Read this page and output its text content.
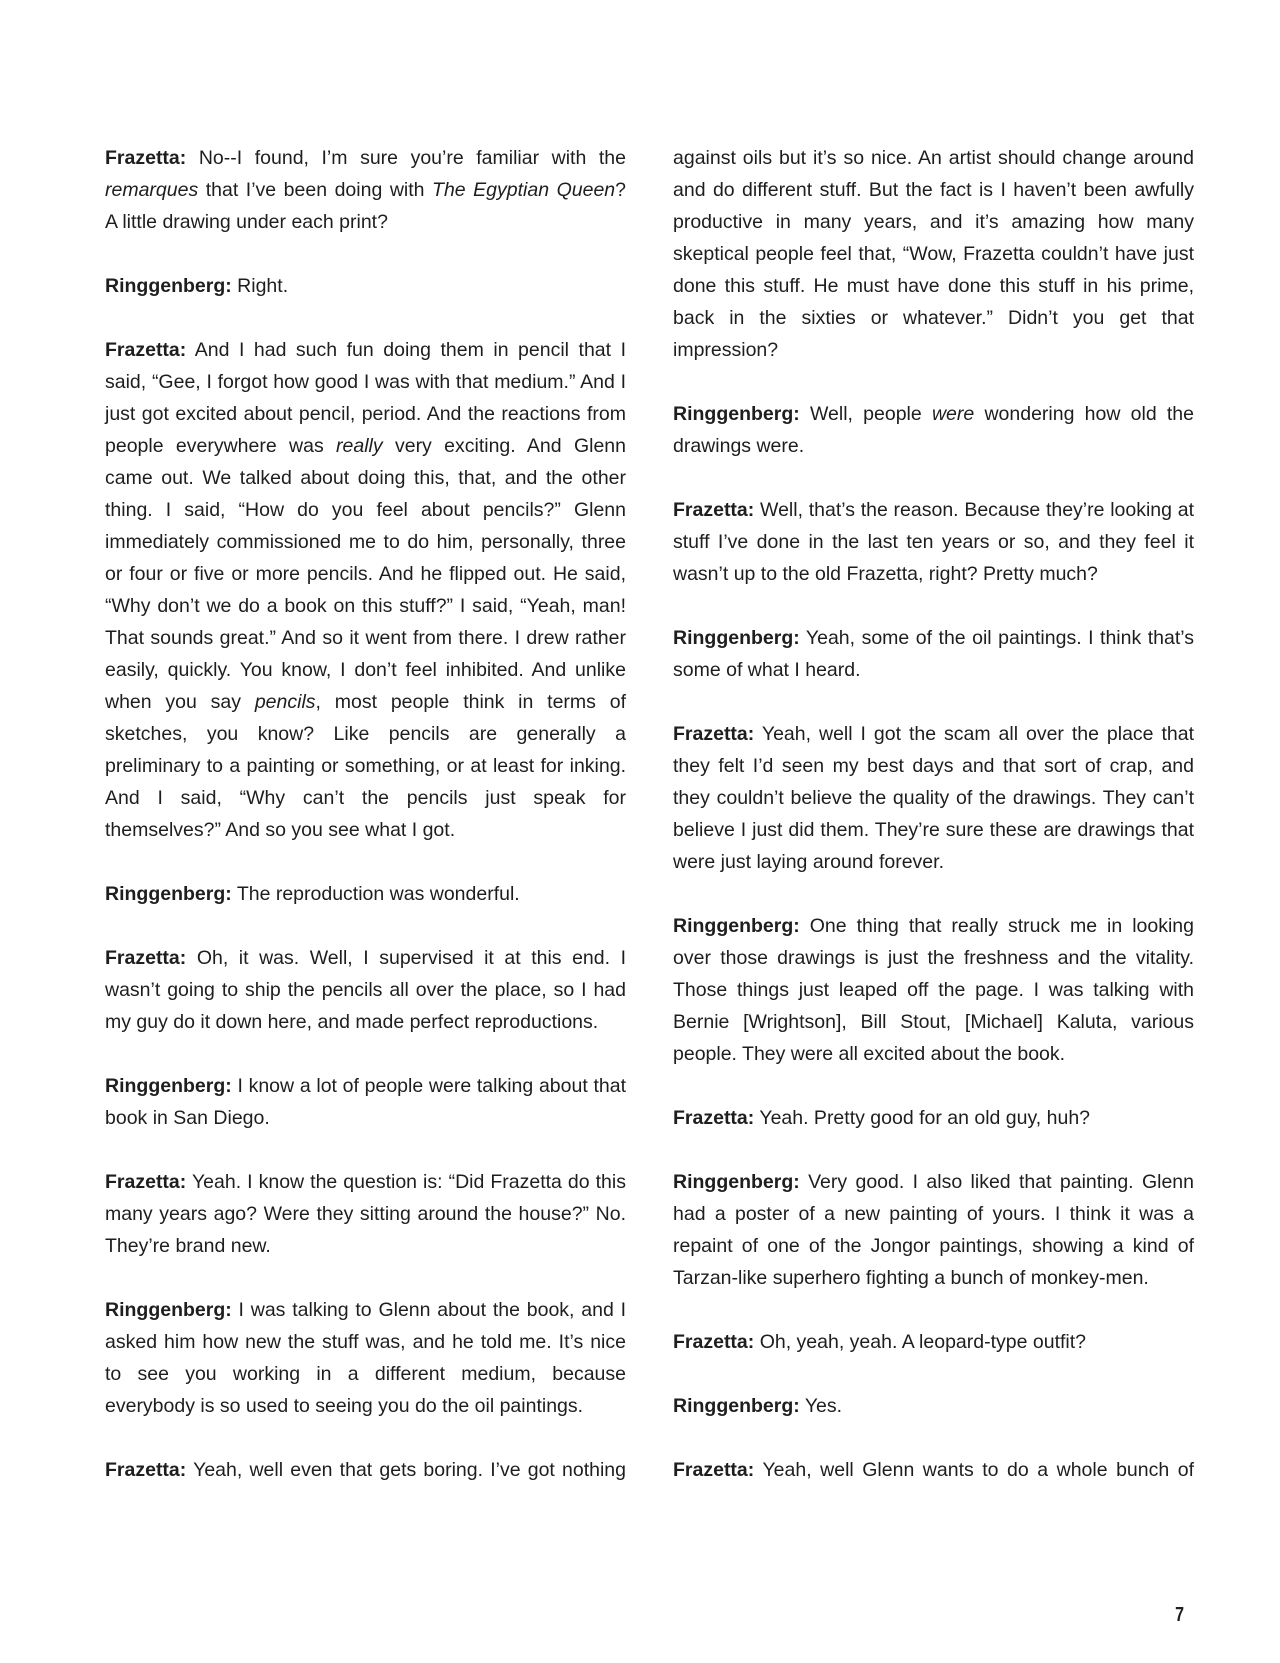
Frazetta: No--I found, I’m sure you’re familiar with the remarques that I’ve been doing with The Egyptian Queen? A little drawing under each print?

Ringgenberg: Right.

Frazetta: And I had such fun doing them in pencil that I said, “Gee, I forgot how good I was with that medium.” And I just got excited about pencil, period. And the reactions from people everywhere was really very exciting. And Glenn came out. We talked about doing this, that, and the other thing. I said, “How do you feel about pencils?” Glenn immediately commissioned me to do him, personally, three or four or five or more pencils. And he flipped out. He said, “Why don’t we do a book on this stuff?” I said, “Yeah, man! That sounds great.” And so it went from there. I drew rather easily, quickly. You know, I don’t feel inhibited. And unlike when you say pencils, most people think in terms of sketches, you know? Like pencils are generally a preliminary to a painting or something, or at least for inking. And I said, “Why can’t the pencils just speak for themselves?” And so you see what I got.

Ringgenberg: The reproduction was wonderful.

Frazetta: Oh, it was. Well, I supervised it at this end. I wasn’t going to ship the pencils all over the place, so I had my guy do it down here, and made perfect reproductions.

Ringgenberg: I know a lot of people were talking about that book in San Diego.

Frazetta: Yeah. I know the question is: “Did Frazetta do this many years ago? Were they sitting around the house?” No. They’re brand new.

Ringgenberg: I was talking to Glenn about the book, and I asked him how new the stuff was, and he told me. It’s nice to see you working in a different medium, because everybody is so used to seeing you do the oil paintings.

Frazetta: Yeah, well even that gets boring. I’ve got nothing

against oils but it’s so nice. An artist should change around and do different stuff. But the fact is I haven’t been awfully productive in many years, and it’s amazing how many skeptical people feel that, “Wow, Frazetta couldn’t have just done this stuff. He must have done this stuff in his prime, back in the sixties or whatever.” Didn’t you get that impression?

Ringgenberg: Well, people were wondering how old the drawings were.

Frazetta: Well, that’s the reason. Because they’re looking at stuff I’ve done in the last ten years or so, and they feel it wasn’t up to the old Frazetta, right? Pretty much?

Ringgenberg: Yeah, some of the oil paintings. I think that’s some of what I heard.

Frazetta: Yeah, well I got the scam all over the place that they felt I’d seen my best days and that sort of crap, and they couldn’t believe the quality of the drawings. They can’t believe I just did them. They’re sure these are drawings that were just laying around forever.

Ringgenberg: One thing that really struck me in looking over those drawings is just the freshness and the vitality. Those things just leaped off the page. I was talking with Bernie [Wrightson], Bill Stout, [Michael] Kaluta, various people. They were all excited about the book.

Frazetta: Yeah. Pretty good for an old guy, huh?

Ringgenberg: Very good. I also liked that painting. Glenn had a poster of a new painting of yours. I think it was a repaint of one of the Jongor paintings, showing a kind of Tarzan-like superhero fighting a bunch of monkey-men.

Frazetta: Oh, yeah, yeah. A leopard-type outfit?

Ringgenberg: Yes.

Frazetta: Yeah, well Glenn wants to do a whole bunch of

7
